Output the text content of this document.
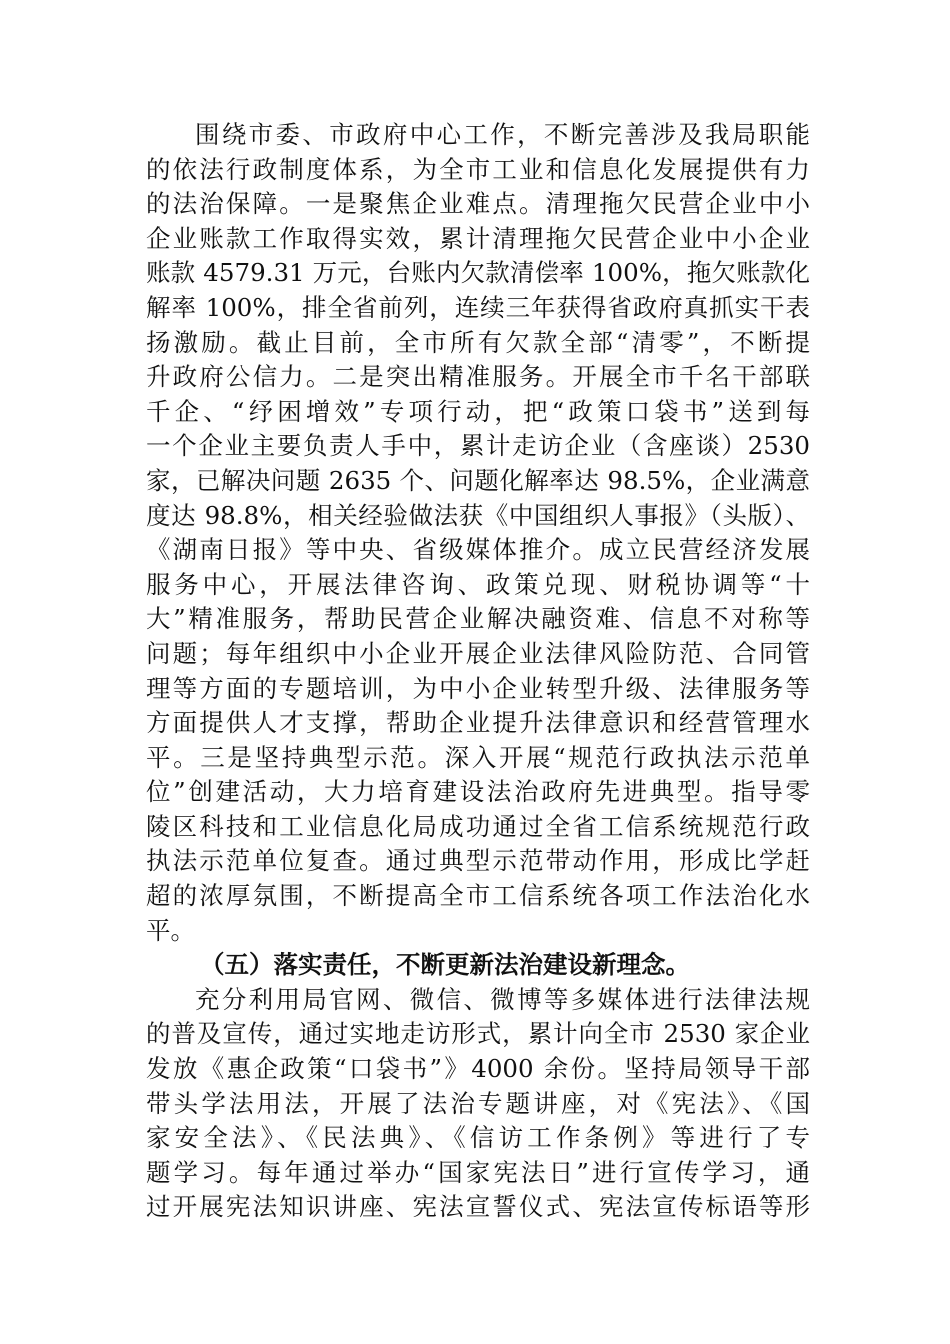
围绕市委、市政府中心工作，不断完善涉及我局职能
的依法行政制度体系，为全市工业和信息化发展提供有力
的法治保障。一是聚焦企业难点。清理拖欠民营企业中小
企业账款工作取得实效，累计清理拖欠民营企业中小企业
账款 4579.31 万元，台账内欠款清偿率 100%，拖欠账款化
解率 100%，排全省前列，连续三年获得省政府真抓实干表
扬激励。截止目前，全市所有欠款全部“清零”，不断提
升政府公信力。二是突出精准服务。开展全市千名干部联
千企、“纾困增效”专项行动，把“政策口袋书”送到每
一个企业主要负责人手中，累计走访企业（含座谈）2530
家，已解决问题 2635 个、问题化解率达 98.5%，企业满意
度达 98.8%，相关经验做法获《中国组织人事报》（头版）、
《湖南日报》等中央、省级媒体推介。成立民营经济发展
服务中心，开展法律咨询、政策兑现、财税协调等“十
大”精准服务，帮助民营企业解决融资难、信息不对称等
问题；每年组织中小企业开展企业法律风险防范、合同管
理等方面的专题培训，为中小企业转型升级、法律服务等
方面提供人才支撑，帮助企业提升法律意识和经营管理水
平。三是坚持典型示范。深入开展“规范行政执法示范单
位”创建活动，大力培育建设法治政府先进典型。指导零
陵区科技和工业信息化局成功通过全省工信系统规范行政
执法示范单位复查。通过典型示范带动作用，形成比学赶
超的浓厚氛围，不断提高全市工信系统各项工作法治化水
平。
（五）落实责任，不断更新法治建设新理念。
充分利用局官网、微信、微博等多媒体进行法律法规
的普及宣传，通过实地走访形式，累计向全市 2530 家企业
发放《惠企政策“口袋书”》4000 余份。坚持局领导干部
带头学法用法，开展了法治专题讲座，对《宪法》、《国
家安全法》、《民法典》、《信访工作条例》等进行了专
题学习。每年通过举办“国家宪法日”进行宣传学习，通
过开展宪法知识讲座、宪法宣誓仪式、宪法宣传标语等形
